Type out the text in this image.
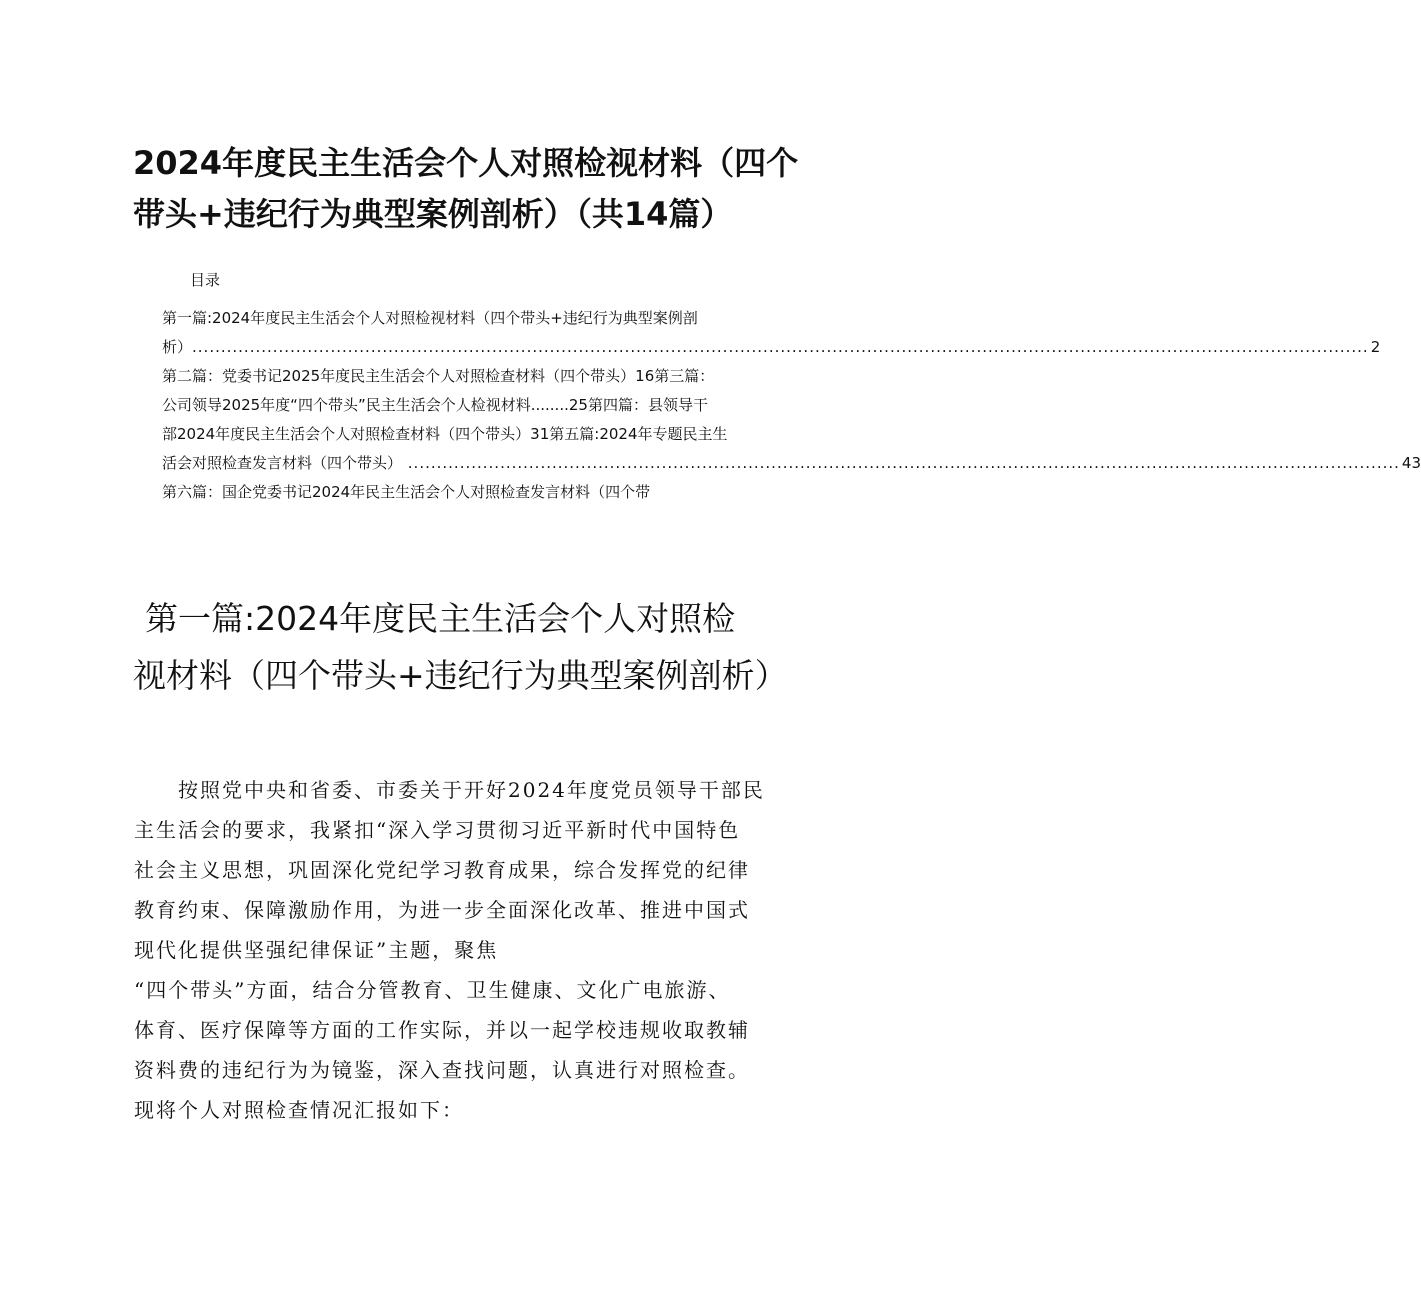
2024年度民主生活会个人对照检视材料（四个
带头+违纪行为典型案例剖析）（共14篇）
目录
第一篇:2024年度民主生活会个人对照检视材料（四个带头+违纪行为典型案例剖
析） ............................................................................................................................................................................................................ 2
第二篇：党委书记2025年度民主生活会个人对照检查材料（四个带头）16第三篇：
公司领导2025年度“四个带头”民主生活会个人检视材料........25第四篇：县领导干
部2024年度民主生活会个人对照检查材料（四个带头）31第五篇:2024年专题民主生
活会对照检查发言材料（四个带头） ............................................................................................................................................................................ 43
第六篇：国企党委书记2024年民主生活会个人对照检查发言材料（四个带
第一篇:2024年度民主生活会个人对照检
视材料（四个带头+违纪行为典型案例剖析）
　　按照党中央和省委、市委关于开好2024年度党员领导干部民
主生活会的要求，我紧扣“深入学习贯彻习近平新时代中国特色
社会主义思想，巩固深化党纪学习教育成果，综合发挥党的纪律
教育约束、保障激励作用，为进一步全面深化改革、推进中国式
现代化提供坚强纪律保证”主题，聚焦
“四个带头”方面，结合分管教育、卫生健康、文化广电旅游、
体育、医疗保障等方面的工作实际，并以一起学校违规收取教辅
资料费的违纪行为为镜鉴，深入查找问题，认真进行对照检查。
现将个人对照检查情况汇报如下：
